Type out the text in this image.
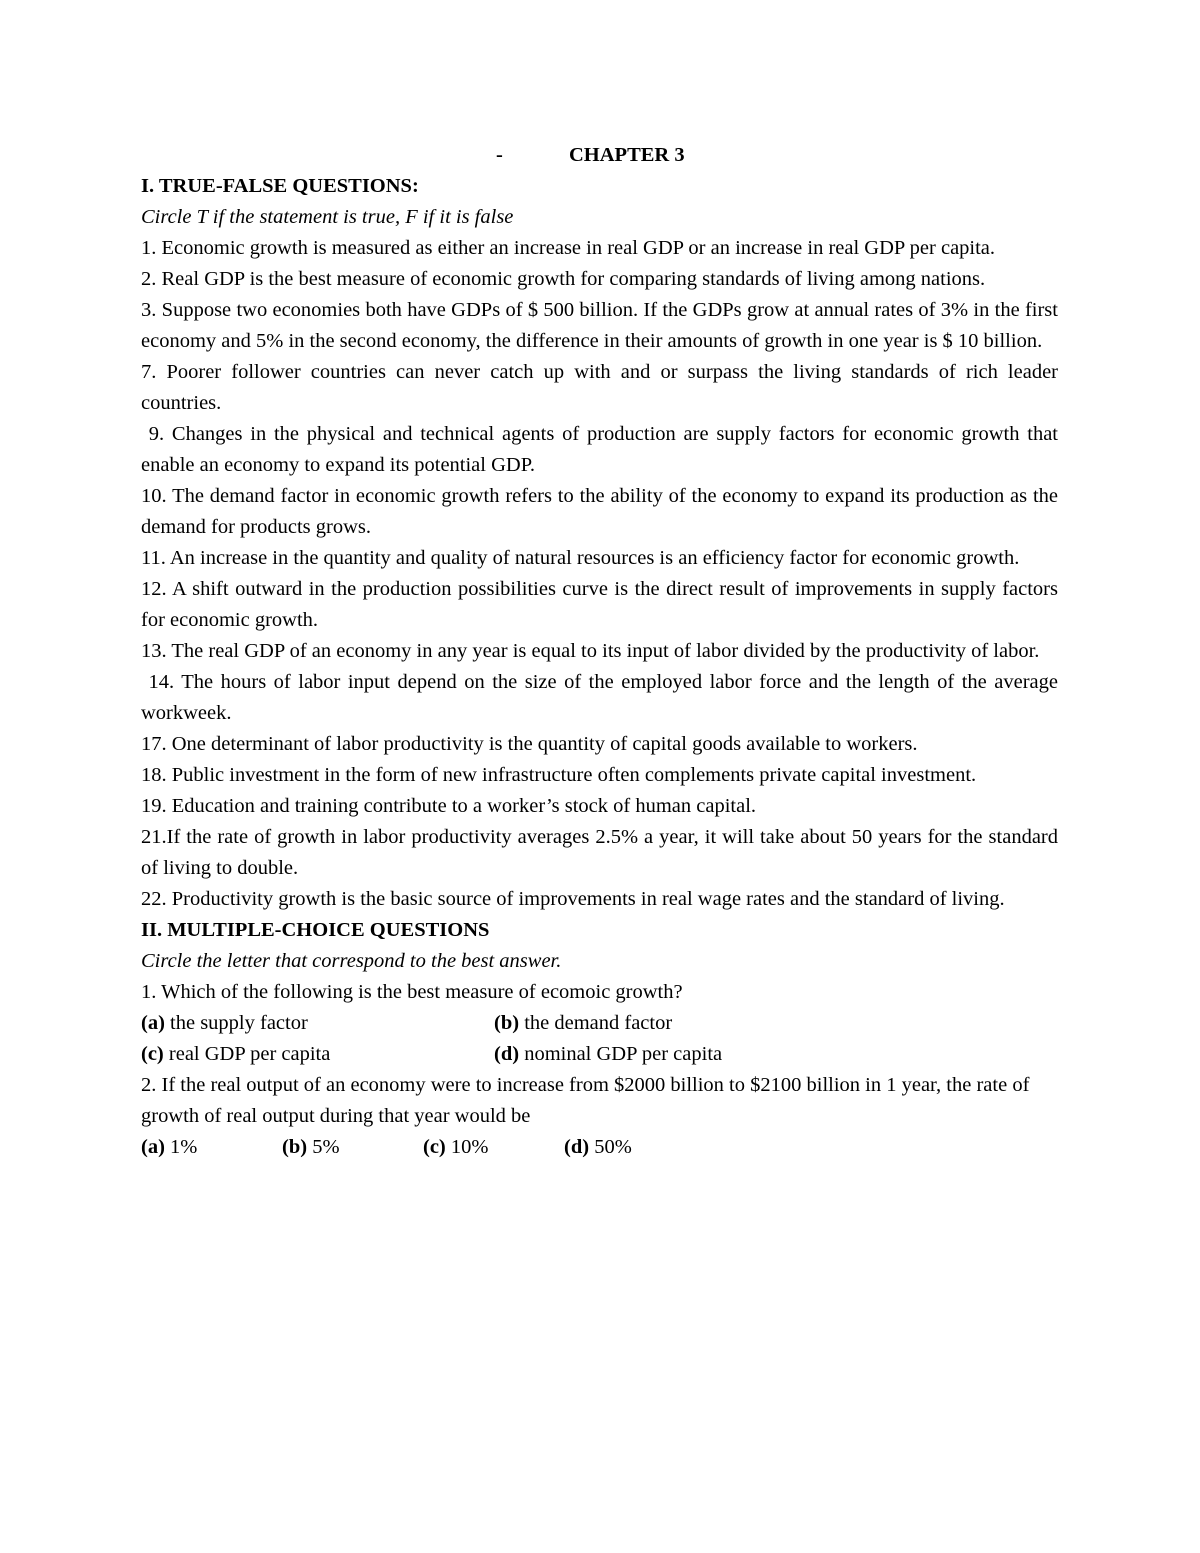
-	CHAPTER 3

I. TRUE-FALSE QUESTIONS:

Circle T if the statement is true, F if it is false

1. Economic growth is measured as either an increase in real GDP or an increase in real GDP per capita.

2. Real GDP is the best measure of economic growth for comparing standards of living among nations.

3. Suppose two economies both have GDPs of $ 500 billion. If the GDPs grow at annual rates of 3% in the first economy and 5% in the second economy, the difference in their amounts of growth in one year is $ 10 billion.

7. Poorer follower countries can never catch up with and or surpass the living standards of rich leader countries.

9. Changes in the physical and technical agents of production are supply factors for economic growth that enable an economy to expand its potential GDP.

10. The demand factor in economic growth refers to the ability of the economy to expand its production as the demand for products grows.

11. An increase in the quantity and quality of natural resources is an efficiency factor for economic growth.

12. A shift outward in the production possibilities curve is the direct result of improvements in supply factors for economic growth.

13. The real GDP of an economy in any year is equal to its input of labor divided by the productivity of labor.

14. The hours of labor input depend on the size of the employed labor force and the length of the average workweek.

17. One determinant of labor productivity is the quantity of capital goods available to workers.

18. Public investment in the form of new infrastructure often complements private capital investment.

19. Education and training contribute to a worker’s stock of human capital.

21.If the rate of growth in labor productivity averages 2.5% a year, it will take about 50 years for the standard of living to double.

22. Productivity growth is the basic source of improvements in real wage rates and the standard of living.

II. MULTIPLE-CHOICE QUESTIONS

Circle the letter that correspond to the best answer.

1. Which of the following is the best measure of ecomoic growth?

(a) the supply factor	(b) the demand factor
(c) real GDP per capita	(d) nominal GDP per capita

2. If the real output of an economy were to increase from $2000 billion to $2100 billion in 1 year, the rate of growth of real output during that year would be

(a) 1%	(b) 5%	(c) 10%	(d) 50%
